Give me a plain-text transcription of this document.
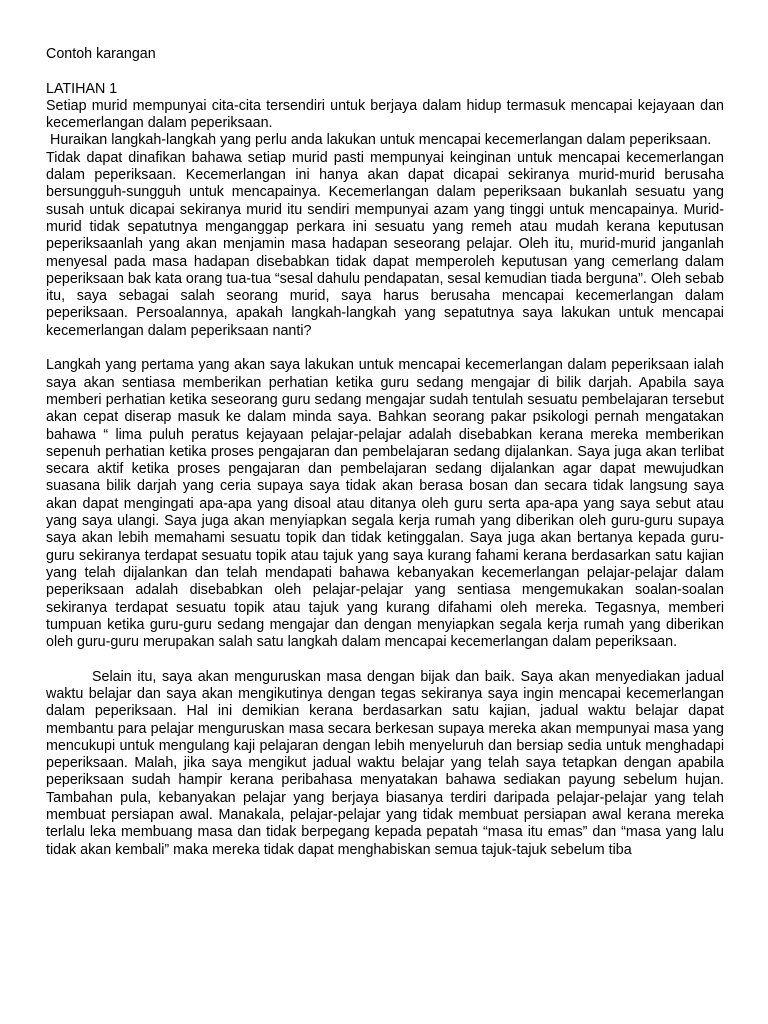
Contoh karangan

LATIHAN 1

Setiap murid mempunyai cita-cita tersendiri untuk berjaya dalam hidup termasuk mencapai kejayaan dan kecemerlangan dalam peperiksaan.

Huraikan langkah-langkah yang perlu anda lakukan untuk mencapai kecemerlangan dalam peperiksaan.

Tidak dapat dinafikan bahawa setiap murid pasti mempunyai keinginan untuk mencapai kecemerlangan dalam peperiksaan. Kecemerlangan ini hanya akan dapat dicapai sekiranya murid-murid berusaha bersungguh-sungguh untuk mencapainya. Kecemerlangan dalam peperiksaan bukanlah sesuatu yang susah untuk dicapai sekiranya murid itu sendiri mempunyai azam yang tinggi untuk mencapainya. Murid-murid tidak sepatutnya menganggap perkara ini sesuatu yang remeh atau mudah kerana keputusan peperiksaanlah yang akan menjamin masa hadapan seseorang pelajar. Oleh itu, murid-murid janganlah menyesal pada masa hadapan disebabkan tidak dapat memperoleh keputusan yang cemerlang dalam peperiksaan bak kata orang tua-tua “sesal dahulu pendapatan, sesal kemudian tiada berguna”. Oleh sebab itu, saya sebagai salah seorang murid, saya harus berusaha mencapai kecemerlangan dalam peperiksaan. Persoalannya, apakah langkah-langkah yang sepatutnya saya lakukan untuk mencapai kecemerlangan dalam peperiksaan nanti?

Langkah yang pertama yang akan saya lakukan untuk mencapai kecemerlangan dalam peperiksaan ialah saya akan sentiasa memberikan perhatian ketika guru sedang mengajar di bilik darjah. Apabila saya memberi perhatian ketika seseorang guru sedang mengajar sudah tentulah sesuatu pembelajaran tersebut akan cepat diserap masuk ke dalam minda saya. Bahkan seorang pakar psikologi pernah mengatakan bahawa “ lima puluh peratus kejayaan pelajar-pelajar adalah disebabkan kerana mereka memberikan sepenuh perhatian ketika proses pengajaran dan pembelajaran sedang dijalankan. Saya juga akan terlibat secara aktif ketika proses pengajaran dan pembelajaran sedang dijalankan agar dapat mewujudkan suasana bilik darjah yang ceria supaya saya tidak akan berasa bosan dan secara tidak langsung saya akan dapat mengingati apa-apa yang disoal atau ditanya oleh guru serta apa-apa yang saya sebut atau yang saya ulangi. Saya juga akan menyiapkan segala kerja rumah yang diberikan oleh guru-guru supaya saya akan lebih memahami sesuatu topik dan tidak ketinggalan. Saya juga akan bertanya kepada guru-guru sekiranya terdapat sesuatu topik atau tajuk yang saya kurang fahami kerana berdasarkan satu kajian yang telah dijalankan dan telah mendapati bahawa kebanyakan kecemerlangan pelajar-pelajar dalam peperiksaan adalah disebabkan oleh pelajar-pelajar yang sentiasa mengemukakan soalan-soalan sekiranya terdapat sesuatu topik atau tajuk yang kurang difahami oleh mereka. Tegasnya, memberi tumpuan ketika guru-guru sedang mengajar dan dengan menyiapkan segala kerja rumah yang diberikan oleh guru-guru merupakan salah satu langkah dalam mencapai kecemerlangan dalam peperiksaan.

Selain itu, saya akan menguruskan masa dengan bijak dan baik. Saya akan menyediakan jadual waktu belajar dan saya akan mengikutinya dengan tegas sekiranya saya ingin mencapai kecemerlangan dalam peperiksaan. Hal ini demikian kerana berdasarkan satu kajian, jadual waktu belajar dapat membantu para pelajar menguruskan masa secara berkesan supaya mereka akan mempunyai masa yang mencukupi untuk mengulang kaji pelajaran dengan lebih menyeluruh dan bersiap sedia untuk menghadapi peperiksaan. Malah, jika saya mengikut jadual waktu belajar yang telah saya tetapkan dengan apabila peperiksaan sudah hampir kerana peribahasa menyatakan bahawa sediakan payung sebelum hujan. Tambahan pula, kebanyakan pelajar yang berjaya biasanya terdiri daripada pelajar-pelajar yang telah membuat persiapan awal. Manakala, pelajar-pelajar yang tidak membuat persiapan awal kerana mereka terlalu leka membuang masa dan tidak berpegang kepada pepatah “masa itu emas” dan “masa yang lalu tidak akan kembali” maka mereka tidak dapat menghabiskan semua tajuk-tajuk sebelum tiba
